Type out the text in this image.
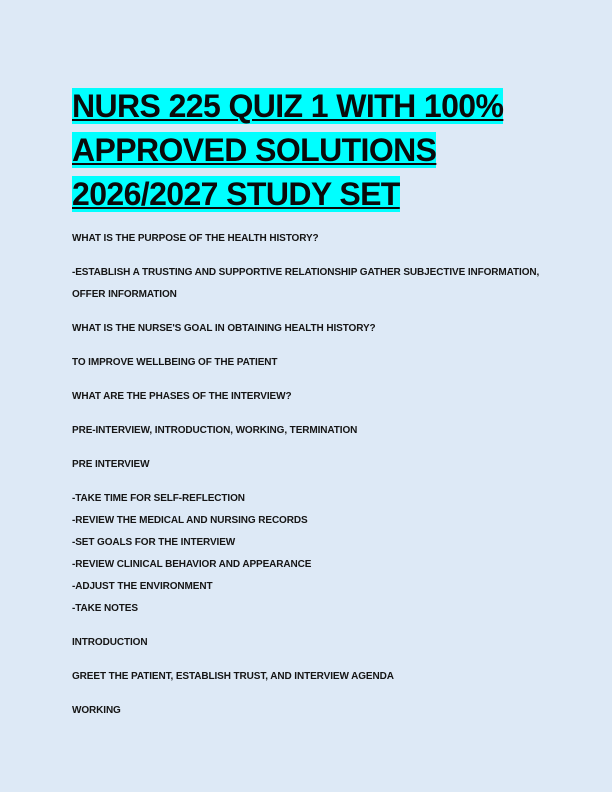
NURS 225 QUIZ 1 WITH 100% APPROVED SOLUTIONS 2026/2027 STUDY SET

WHAT IS THE PURPOSE OF THE HEALTH HISTORY?

-ESTABLISH A TRUSTING AND SUPPORTIVE RELATIONSHIP GATHER SUBJECTIVE INFORMATION, OFFER INFORMATION

WHAT IS THE NURSE'S GOAL IN OBTAINING HEALTH HISTORY?

TO IMPROVE WELLBEING OF THE PATIENT

WHAT ARE THE PHASES OF THE INTERVIEW?

PRE-INTERVIEW, INTRODUCTION, WORKING, TERMINATION

PRE INTERVIEW

-TAKE TIME FOR SELF-REFLECTION
-REVIEW THE MEDICAL AND NURSING RECORDS
-SET GOALS FOR THE INTERVIEW
-REVIEW CLINICAL BEHAVIOR AND APPEARANCE
-ADJUST THE ENVIRONMENT
-TAKE NOTES

INTRODUCTION

GREET THE PATIENT, ESTABLISH TRUST, AND INTERVIEW AGENDA

WORKING
